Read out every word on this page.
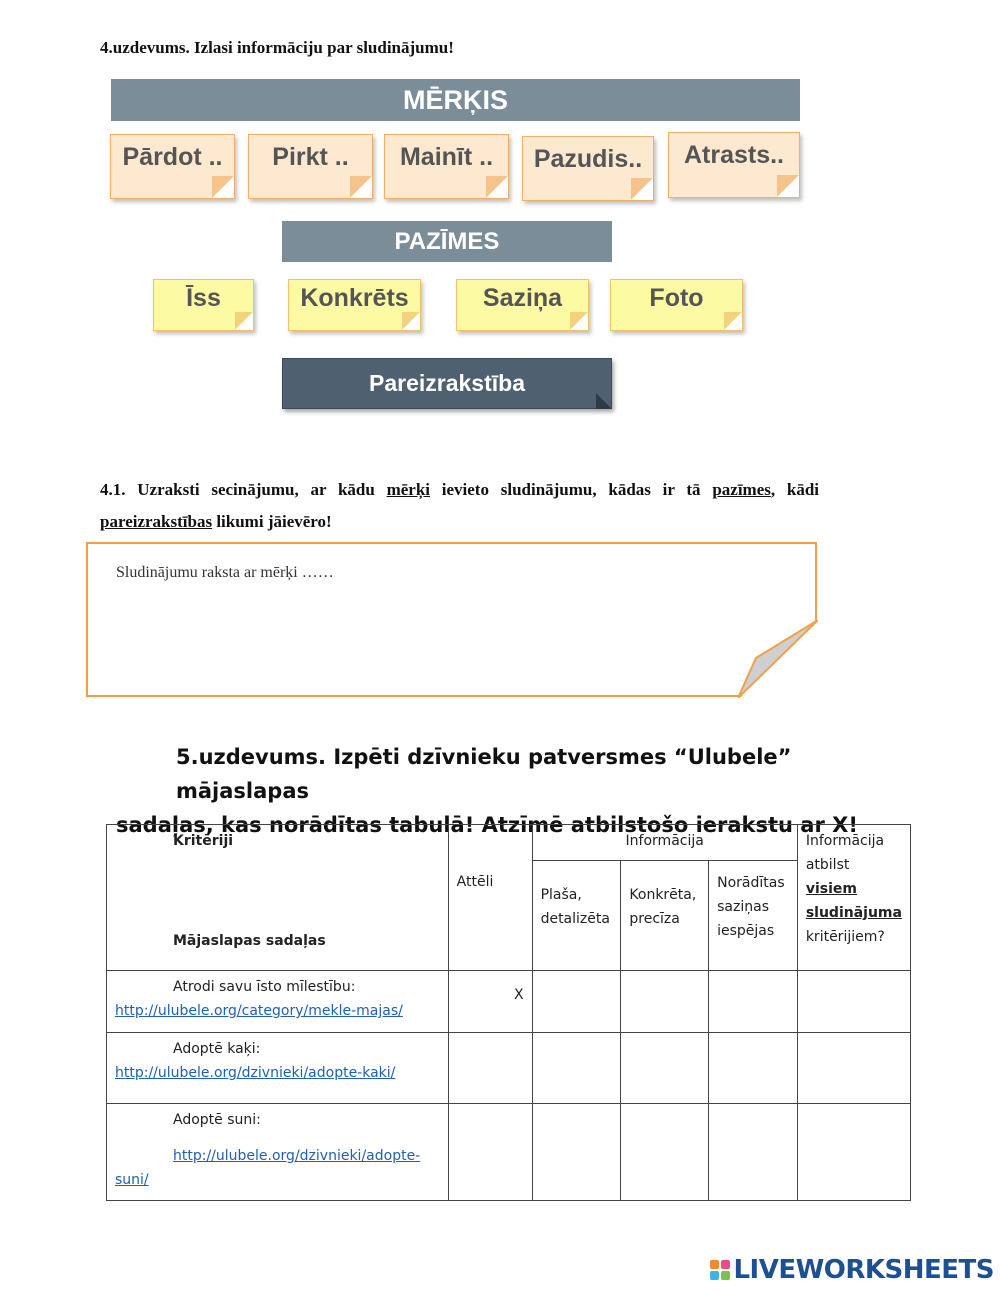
4.uzdevums. Izlasi informāciju par sludinājumu!
MĒRĶIS
Pārdot ..	Pirkt ..	Mainīt ..	Pazudis..	Atrasts..
PAZĪMES
Īss	Konkrēts	Saziņa	Foto
Pareizrakstība
4.1. Uzraksti secinājumu, ar kādu mērķi ievieto sludinājumu, kādas ir tā pazīmes, kādi pareizrakstības likumi jāievēro!
Sludinājumu raksta ar mērķi ……
5.uzdevums. Izpēti dzīvnieku patversmes “Ulubele” mājaslapas
sadaļas, kas norādītas tabulā! Atzīmē atbilstošo ierakstu ar X!
Kritēriji
Mājaslapas sadaļas	Attēli	Informācija			Informācija atbilst visiem sludinājuma kritērijiem?
		Plaša, detalizēta	Konkrēta, precīza	Norādītas saziņas iespējas	

Atrodi savu īsto mīlestību:
http://ulubele.org/category/mekle-majas/	X				

Adoptē kaķi:
http://ulubele.org/dzivnieki/adopte-kaki/					

Adoptē suni:
http://ulubele.org/dzivnieki/adopte-
suni/					

LIVEWORKSHEETS
